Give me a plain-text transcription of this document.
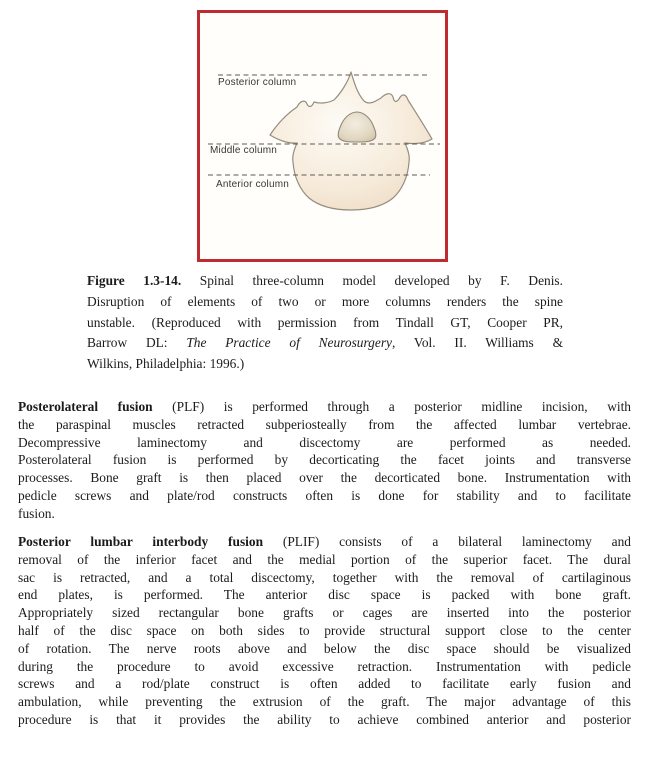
Posterior column
Middle column
Anterior column
Figure 1.3-14. Spinal three-column model developed by F. Denis.
Disruption of elements of two or more columns renders the spine
unstable. (Reproduced with permission from Tindall GT, Cooper PR,
Barrow DL: The Practice of Neurosurgery, Vol. II. Williams &
Wilkins, Philadelphia: 1996.)
Posterolateral fusion (PLF) is performed through a posterior midline incision, with
the paraspinal muscles retracted subperiosteally from the affected lumbar vertebrae.
Decompressive laminectomy and discectomy are performed as needed.
Posterolateral fusion is performed by decorticating the facet joints and transverse
processes. Bone graft is then placed over the decorticated bone. Instrumentation with
pedicle screws and plate/rod constructs often is done for stability and to facilitate
fusion.
Posterior lumbar interbody fusion (PLIF) consists of a bilateral laminectomy and
removal of the inferior facet and the medial portion of the superior facet. The dural
sac is retracted, and a total discectomy, together with the removal of cartilaginous
end plates, is performed. The anterior disc space is packed with bone graft.
Appropriately sized rectangular bone grafts or cages are inserted into the posterior
half of the disc space on both sides to provide structural support close to the center
of rotation. The nerve roots above and below the disc space should be visualized
during the procedure to avoid excessive retraction. Instrumentation with pedicle
screws and a rod/plate construct is often added to facilitate early fusion and
ambulation, while preventing the extrusion of the graft. The major advantage of this
procedure is that it provides the ability to achieve combined anterior and posterior
